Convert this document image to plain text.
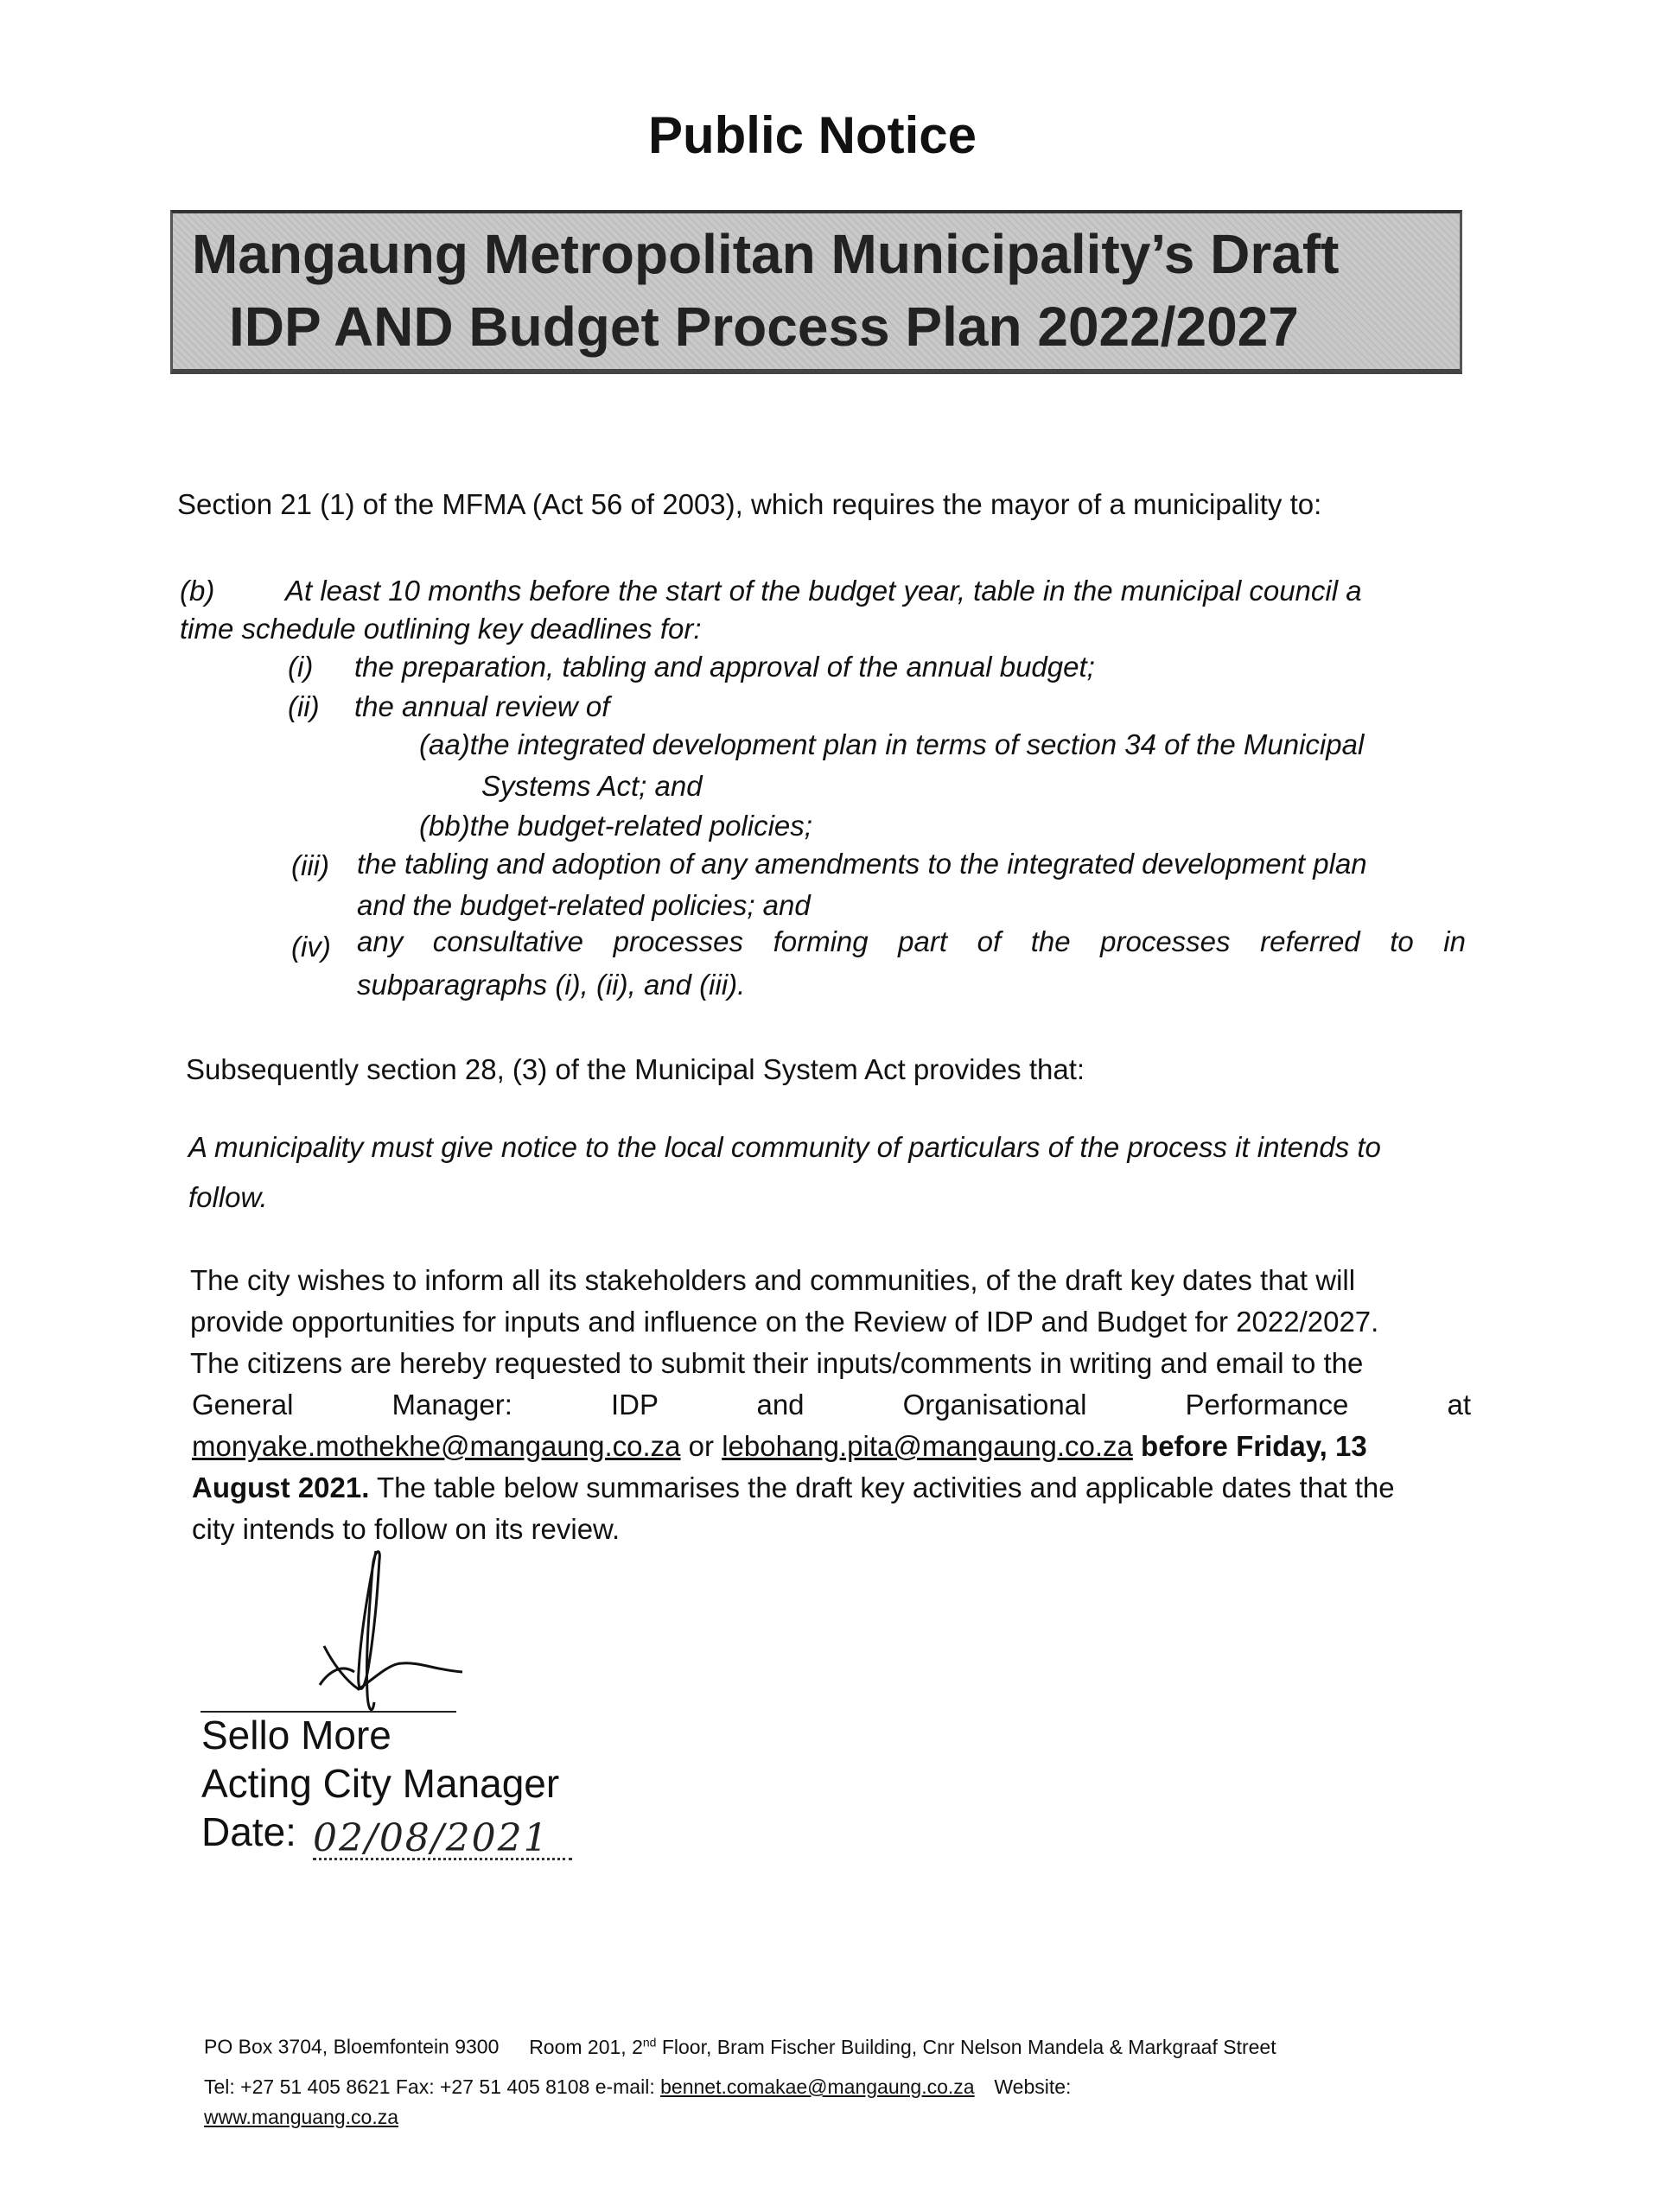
Public Notice
Mangaung Metropolitan Municipality’s Draft
IDP AND Budget Process Plan 2022/2027
Section 21 (1) of the MFMA (Act 56 of 2003), which requires the mayor of a municipality to:
(b) At least 10 months before the start of the budget year, table in the municipal council a
time schedule outlining key deadlines for:
(i) the preparation, tabling and approval of the annual budget;
(ii) the annual review of
(aa)the integrated development plan in terms of section 34 of the Municipal
Systems Act; and
(bb)the budget-related policies;
(iii) the tabling and adoption of any amendments to the integrated development plan
and the budget-related policies; and
(iv) any consultative processes forming part of the processes referred to in
subparagraphs (i), (ii), and (iii).
Subsequently section 28, (3) of the Municipal System Act provides that:
A municipality must give notice to the local community of particulars of the process it intends to
follow.
The city wishes to inform all its stakeholders and communities, of the draft key dates that will
provide opportunities for inputs and influence on the Review of IDP and Budget for 2022/2027.
The citizens are hereby requested to submit their inputs/comments in writing and email to the
General Manager: IDP and Organisational Performance at
monyake.mothekhe@mangaung.co.za or lebohang.pita@mangaung.co.za before Friday, 13
August 2021. The table below summarises the draft key activities and applicable dates that the
city intends to follow on its review.
Sello More
Acting City Manager
Date: 02/08/2021
PO Box 3704, Bloemfontein 9300 Room 201, 2nd Floor, Bram Fischer Building, Cnr Nelson Mandela & Markgraaf Street
Tel: +27 51 405 8621 Fax: +27 51 405 8108 e-mail: bennet.comakae@mangaung.co.za Website:
www.manguang.co.za
